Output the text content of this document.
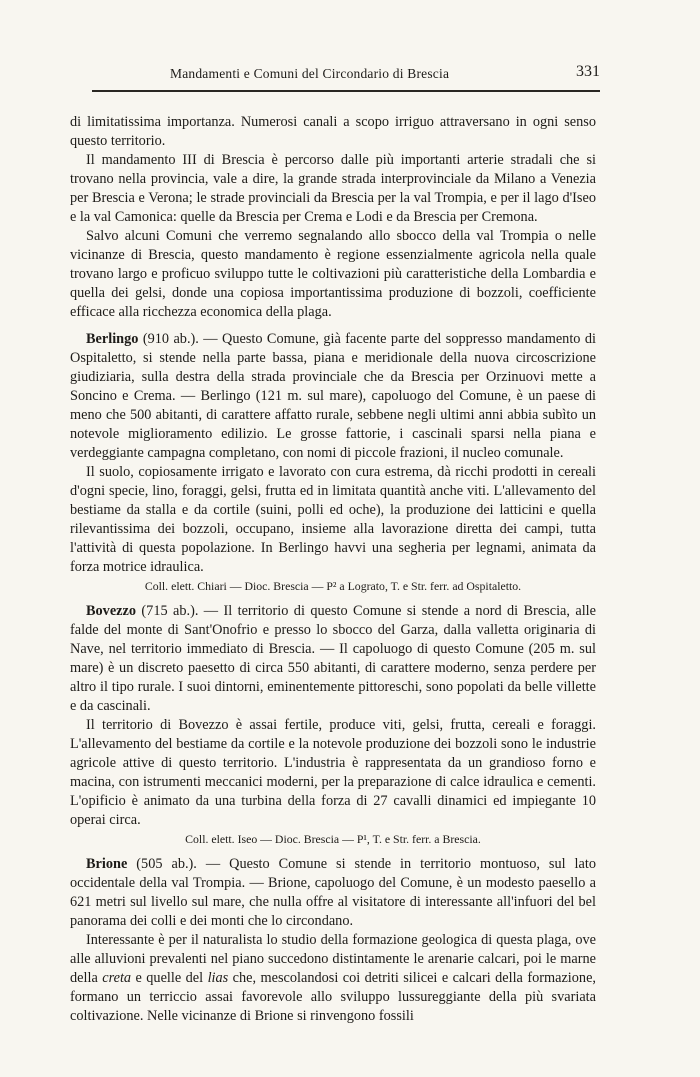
Mandamenti e Comuni del Circondario di Brescia	331

di limitatissima importanza. Numerosi canali a scopo irriguo attraversano in ogni senso questo territorio.

Il mandamento III di Brescia è percorso dalle più importanti arterie stradali che si trovano nella provincia, vale a dire, la grande strada interprovinciale da Milano a Venezia per Brescia e Verona; le strade provinciali da Brescia per la val Trompia, e per il lago d'Iseo e la val Camonica: quelle da Brescia per Crema e Lodi e da Brescia per Cremona.

Salvo alcuni Comuni che verremo segnalando allo sbocco della val Trompia o nelle vicinanze di Brescia, questo mandamento è regione essenzialmente agricola nella quale trovano largo e proficuo sviluppo tutte le coltivazioni più caratteristiche della Lombardia e quella dei gelsi, donde una copiosa importantissima produzione di bozzoli, coefficiente efficace alla ricchezza economica della plaga.

Berlingo (910 ab.). — Questo Comune, già facente parte del soppresso mandamento di Ospitaletto, si stende nella parte bassa, piana e meridionale della nuova circoscrizione giudiziaria, sulla destra della strada provinciale che da Brescia per Orzinuovi mette a Soncino e Crema. — Berlingo (121 m. sul mare), capoluogo del Comune, è un paese di meno che 500 abitanti, di carattere affatto rurale, sebbene negli ultimi anni abbia subìto un notevole miglioramento edilizio. Le grosse fattorie, i cascinali sparsi nella piana e verdeggiante campagna completano, con nomi di piccole frazioni, il nucleo comunale.

Il suolo, copiosamente irrigato e lavorato con cura estrema, dà ricchi prodotti in cereali d'ogni specie, lino, foraggi, gelsi, frutta ed in limitata quantità anche viti. L'allevamento del bestiame da stalla e da cortile (suini, polli ed oche), la produzione dei latticini e quella rilevantissima dei bozzoli, occupano, insieme alla lavorazione diretta dei campi, tutta l'attività di questa popolazione. In Berlingo havvi una segheria per legnami, animata da forza motrice idraulica.

Coll. elett. Chiari — Dioc. Brescia — P² a Lograto, T. e Str. ferr. ad Ospitaletto.

Bovezzo (715 ab.). — Il territorio di questo Comune si stende a nord di Brescia, alle falde del monte di Sant'Onofrio e presso lo sbocco del Garza, dalla valletta originaria di Nave, nel territorio immediato di Brescia. — Il capoluogo di questo Comune (205 m. sul mare) è un discreto paesetto di circa 550 abitanti, di carattere moderno, senza perdere per altro il tipo rurale. I suoi dintorni, eminentemente pittoreschi, sono popolati da belle villette e da cascinali.

Il territorio di Bovezzo è assai fertile, produce viti, gelsi, frutta, cereali e foraggi. L'allevamento del bestiame da cortile e la notevole produzione dei bozzoli sono le industrie agricole attive di questo territorio. L'industria è rappresentata da un grandioso forno e macina, con istrumenti meccanici moderni, per la preparazione di calce idraulica e cementi. L'opificio è animato da una turbina della forza di 27 cavalli dinamici ed impiegante 10 operai circa.

Coll. elett. Iseo — Dioc. Brescia — P¹, T. e Str. ferr. a Brescia.

Brione (505 ab.). — Questo Comune si stende in territorio montuoso, sul lato occidentale della val Trompia. — Brione, capoluogo del Comune, è un modesto paesello a 621 metri sul livello sul mare, che nulla offre al visitatore di interessante all'infuori del bel panorama dei colli e dei monti che lo circondano.

Interessante è per il naturalista lo studio della formazione geologica di questa plaga, ove alle alluvioni prevalenti nel piano succedono distintamente le arenarie calcari, poi le marne della creta e quelle del lias che, mescolandosi coi detriti silicei e calcari della formazione, formano un terriccio assai favorevole allo sviluppo lussureggiante della più svariata coltivazione. Nelle vicinanze di Brione si rinvengono fossili
